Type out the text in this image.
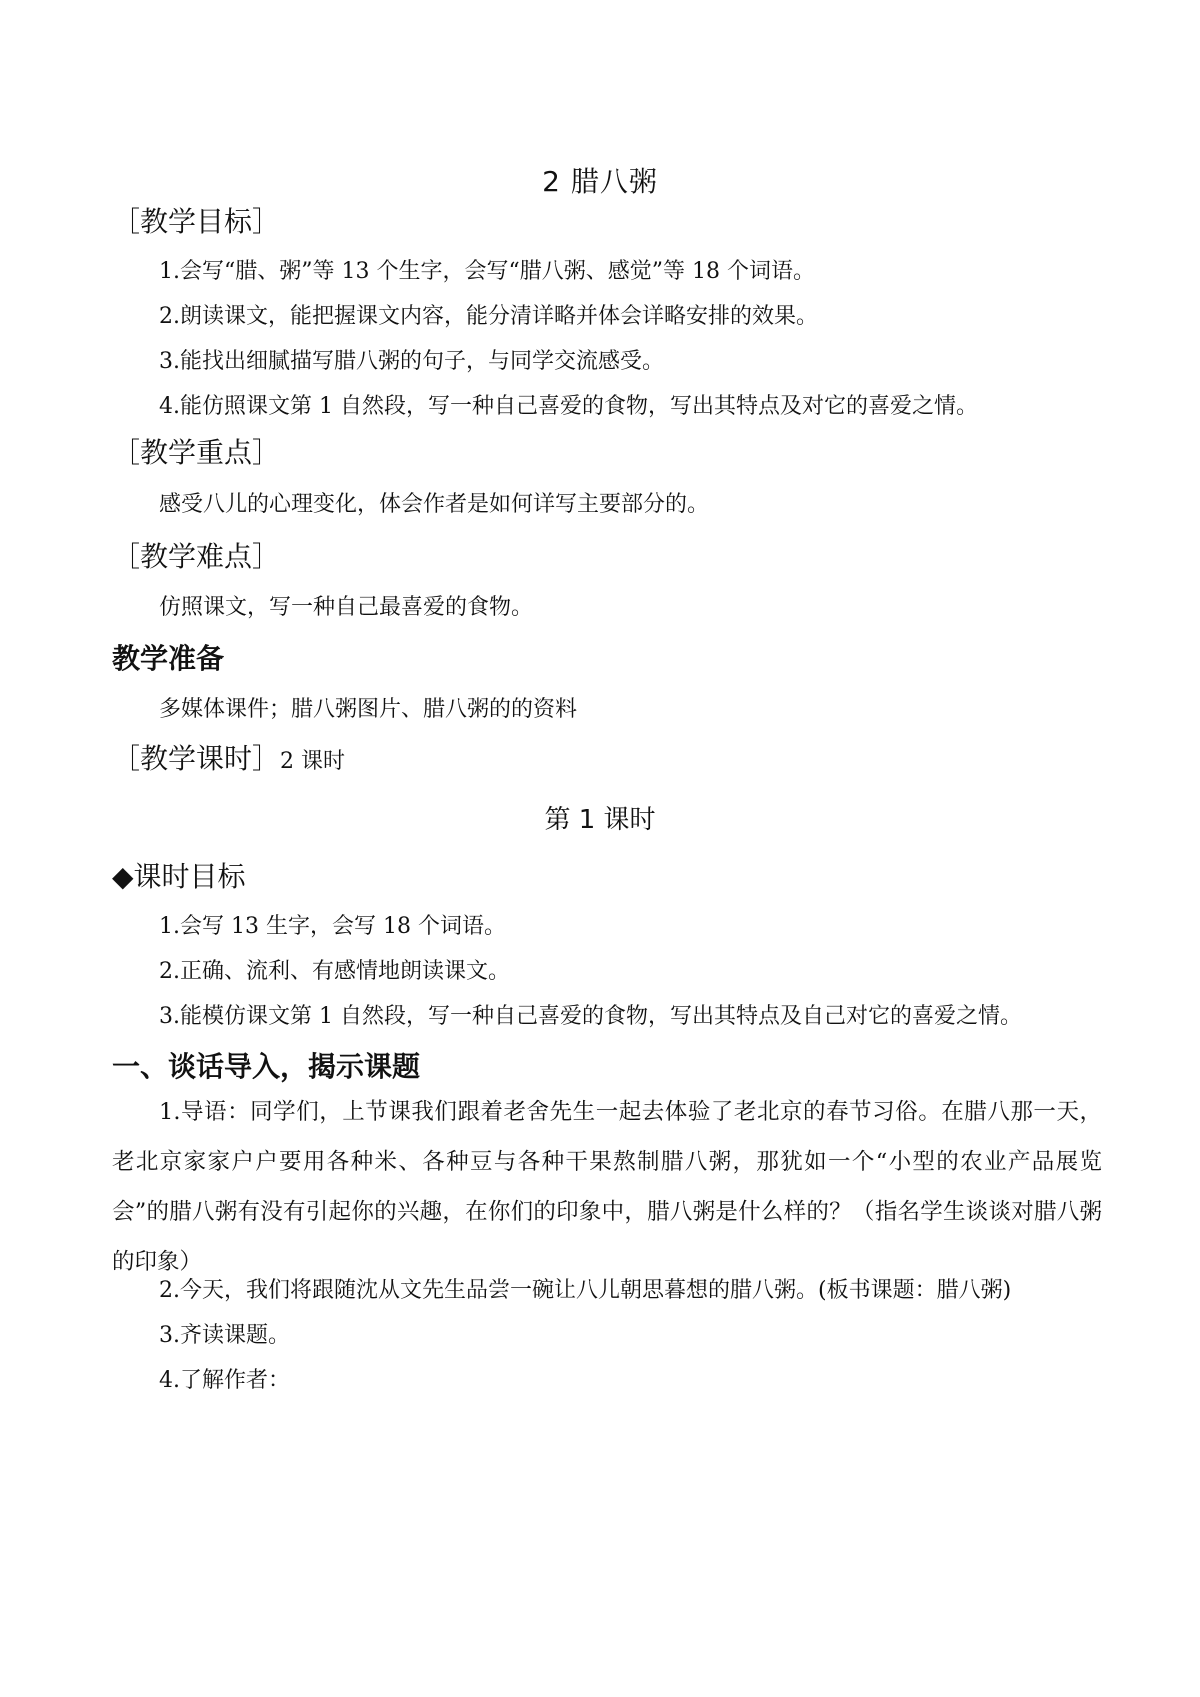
2 腊八粥
［教学目标］
1.会写“腊、粥”等 13 个生字，会写“腊八粥、感觉”等 18 个词语。
2.朗读课文，能把握课文内容，能分清详略并体会详略安排的效果。
3.能找出细腻描写腊八粥的句子，与同学交流感受。
4.能仿照课文第 1 自然段，写一种自己喜爱的食物，写出其特点及对它的喜爱之情。
［教学重点］
感受八儿的心理变化，体会作者是如何详写主要部分的。
［教学难点］
仿照课文，写一种自己最喜爱的食物。
教学准备
多媒体课件；腊八粥图片、腊八粥的的资料
［教学课时］2 课时
第 1 课时
◆课时目标
1.会写 13 生字，会写 18 个词语。
2.正确、流利、有感情地朗读课文。
3.能模仿课文第 1 自然段，写一种自己喜爱的食物，写出其特点及自己对它的喜爱之情。
一、谈话导入，揭示课题
1.导语：同学们，上节课我们跟着老舍先生一起去体验了老北京的春节习俗。在腊八那一天，老北京家家户户要用各种米、各种豆与各种干果熬制腊八粥，那犹如一个“小型的农业产品展览会”的腊八粥有没有引起你的兴趣，在你们的印象中，腊八粥是什么样的？（指名学生谈谈对腊八粥的印象）
2.今天，我们将跟随沈从文先生品尝一碗让八儿朝思暮想的腊八粥。(板书课题：腊八粥)
3.齐读课题。
4.了解作者：
